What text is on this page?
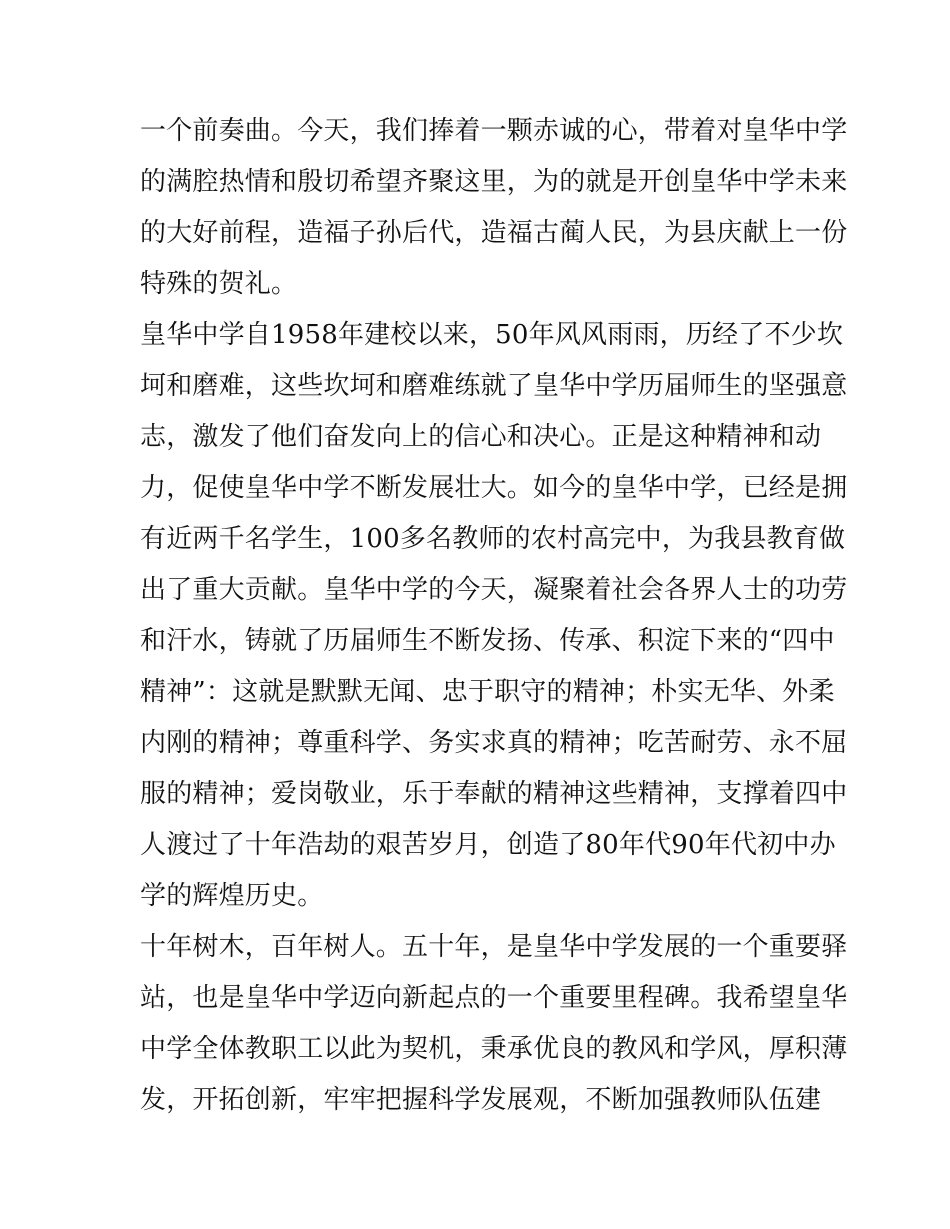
一个前奏曲。今天，我们捧着一颗赤诚的心，带着对皇华中学
的满腔热情和殷切希望齐聚这里，为的就是开创皇华中学未来
的大好前程，造福子孙后代，造福古蔺人民，为县庆献上一份
特殊的贺礼。
皇华中学自1958年建校以来，50年风风雨雨，历经了不少坎
坷和磨难，这些坎坷和磨难练就了皇华中学历届师生的坚强意
志，激发了他们奋发向上的信心和决心。正是这种精神和动
力，促使皇华中学不断发展壮大。如今的皇华中学，已经是拥
有近两千名学生，100多名教师的农村高完中，为我县教育做
出了重大贡献。皇华中学的今天，凝聚着社会各界人士的功劳
和汗水，铸就了历届师生不断发扬、传承、积淀下来的“四中
精神”：这就是默默无闻、忠于职守的精神；朴实无华、外柔
内刚的精神；尊重科学、务实求真的精神；吃苦耐劳、永不屈
服的精神；爱岗敬业，乐于奉献的精神这些精神，支撑着四中
人渡过了十年浩劫的艰苦岁月，创造了80年代90年代初中办
学的辉煌历史。
十年树木，百年树人。五十年，是皇华中学发展的一个重要驿
站，也是皇华中学迈向新起点的一个重要里程碑。我希望皇华
中学全体教职工以此为契机，秉承优良的教风和学风，厚积薄
发，开拓创新，牢牢把握科学发展观，不断加强教师队伍建
